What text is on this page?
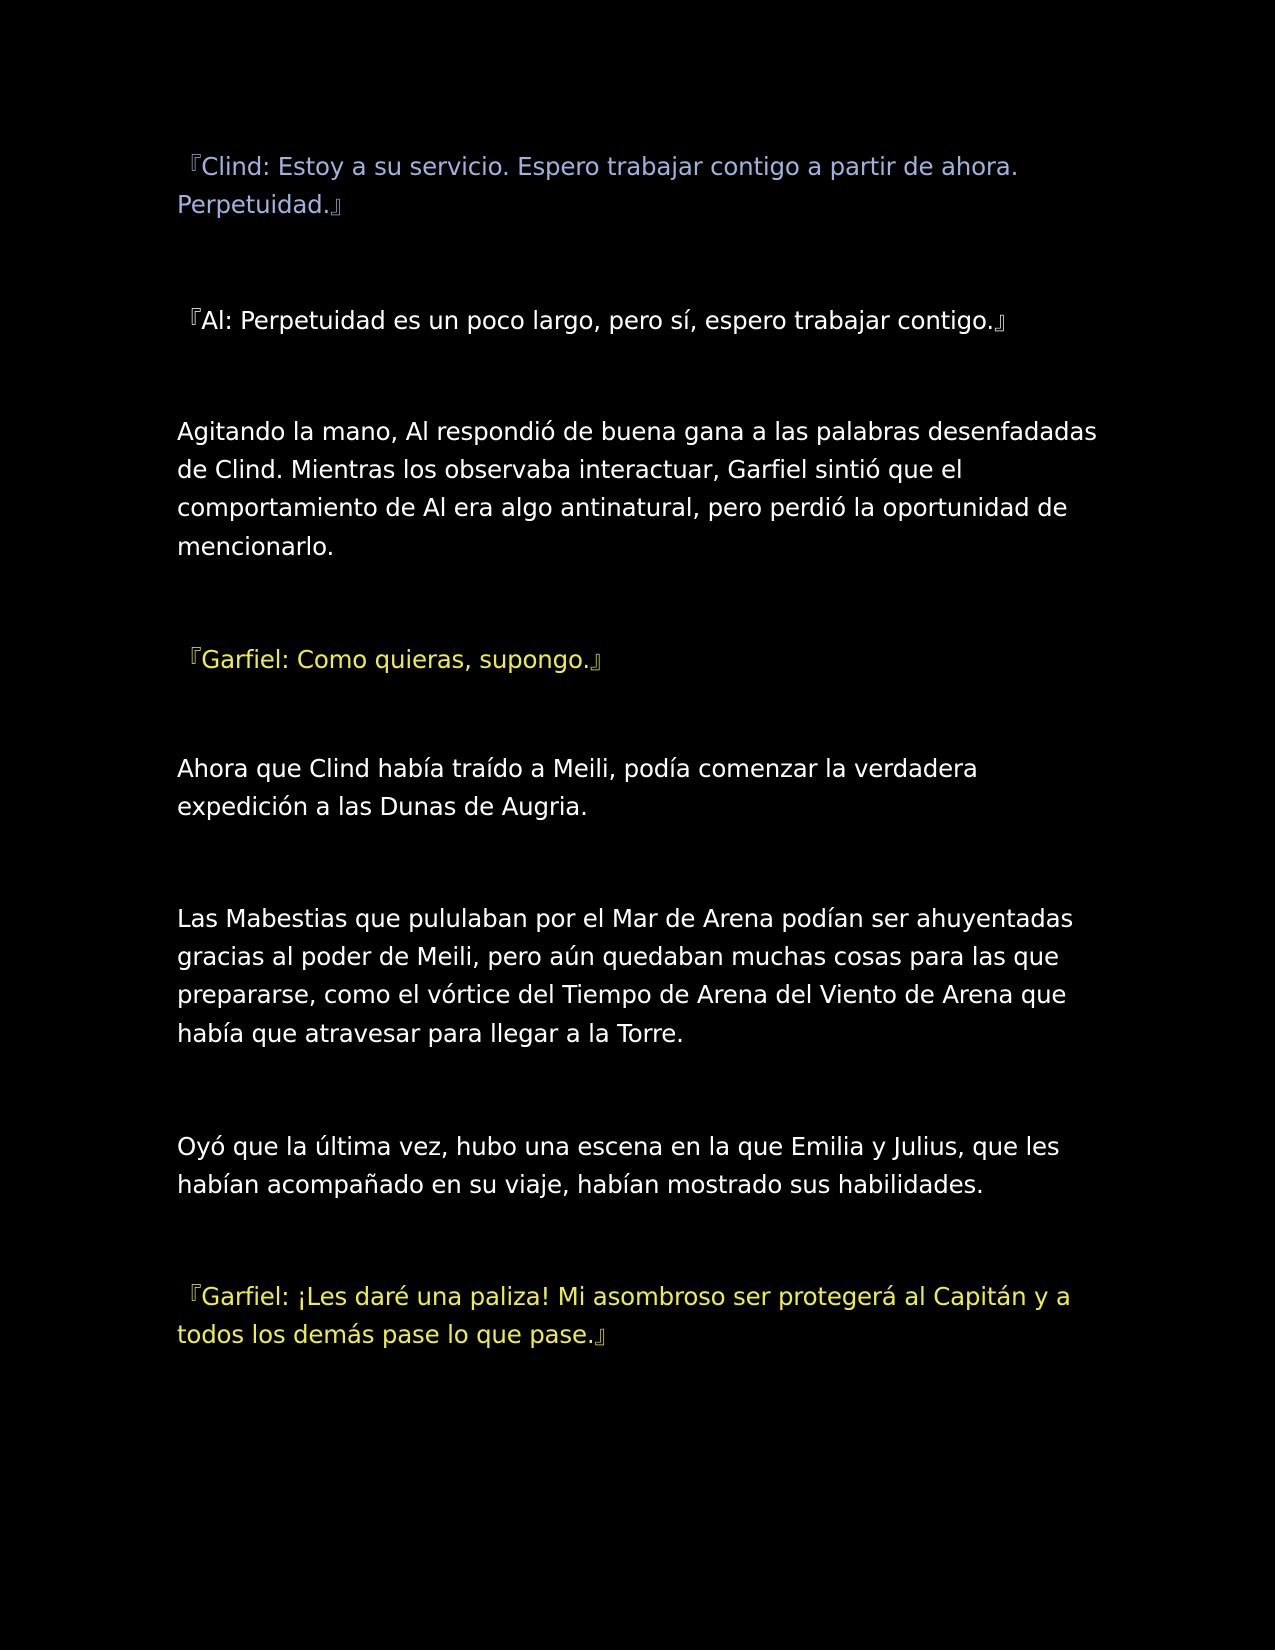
『Clind: Estoy a su servicio. Espero trabajar contigo a partir de ahora. Perpetuidad.』

『Al: Perpetuidad es un poco largo, pero sí, espero trabajar contigo.』

Agitando la mano, Al respondió de buena gana a las palabras desenfadadas de Clind. Mientras los observaba interactuar, Garfiel sintió que el comportamiento de Al era algo antinatural, pero perdió la oportunidad de mencionarlo.

『Garfiel: Como quieras, supongo.』

Ahora que Clind había traído a Meili, podía comenzar la verdadera expedición a las Dunas de Augria.

Las Mabestias que pululaban por el Mar de Arena podían ser ahuyentadas gracias al poder de Meili, pero aún quedaban muchas cosas para las que prepararse, como el vórtice del Tiempo de Arena del Viento de Arena que había que atravesar para llegar a la Torre.

Oyó que la última vez, hubo una escena en la que Emilia y Julius, que les habían acompañado en su viaje, habían mostrado sus habilidades.

『Garfiel: ¡Les daré una paliza! Mi asombroso ser protegerá al Capitán y a todos los demás pase lo que pase.』
